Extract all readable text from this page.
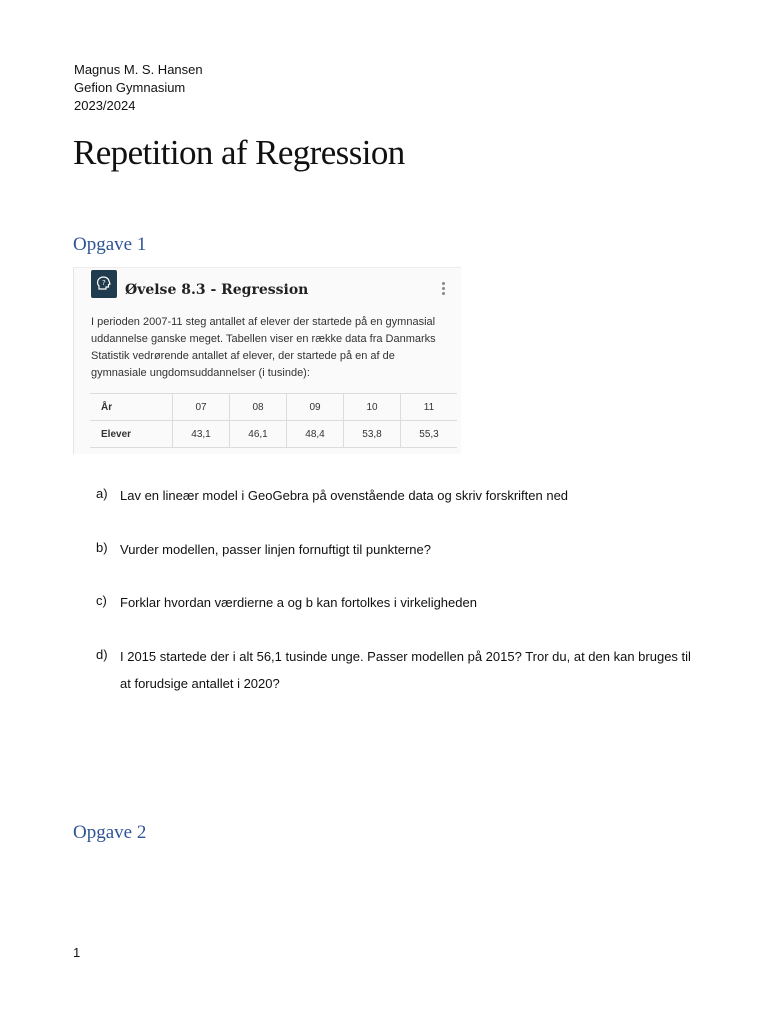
Magnus M. S. Hansen
Gefion Gymnasium
2023/2024
Repetition af Regression
Opgave 1
? Øvelse 8.3 - Regression
I perioden 2007-11 steg antallet af elever der startede på en gymnasial uddannelse ganske meget. Tabellen viser en række data fra Danmarks Statistik vedrørende antallet af elever, der startede på en af de gymnasiale ungdomsuddannelser (i tusinde):
År	07	08	09	10	11
Elever	43,1	46,1	48,4	53,8	55,3
a) Lav en lineær model i GeoGebra på ovenstående data og skriv forskriften ned
b) Vurder modellen, passer linjen fornuftigt til punkterne?
c)	Forklar hvordan værdierne a og b kan fortolkes i virkeligheden
d) I 2015 startede der i alt 56,1 tusinde unge. Passer modellen på 2015? Tror du, at den kan bruges til at forudsige antallet i 2020?
Opgave 2
1
